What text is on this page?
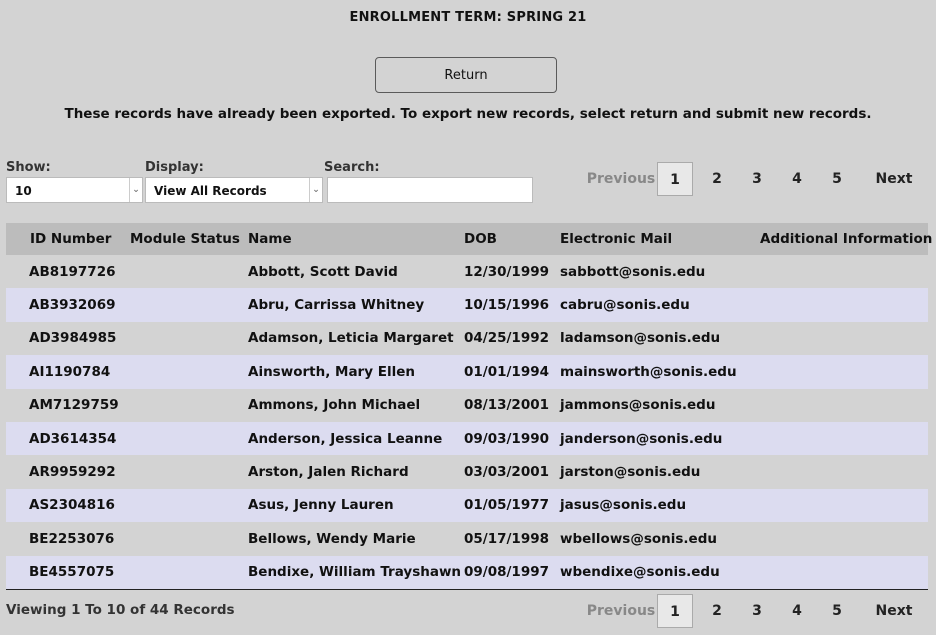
ENROLLMENT TERM: SPRING 21
Return
These records have already been exported. To export new records, select return and submit new records.
Show:	Display:	Search:
10	⌄	View All Records	⌄
Previous	1	2	3	4	5	Next
ID Number	Module Status	Name	DOB	Electronic Mail	Additional Information
AB8197726		Abbott, Scott David	12/30/1999	sabbott@sonis.edu	
AB3932069		Abru, Carrissa Whitney	10/15/1996	cabru@sonis.edu	
AD3984985		Adamson, Leticia Margaret	04/25/1992	ladamson@sonis.edu	
AI1190784		Ainsworth, Mary Ellen	01/01/1994	mainsworth@sonis.edu	
AM7129759		Ammons, John Michael	08/13/2001	jammons@sonis.edu	
AD3614354		Anderson, Jessica Leanne	09/03/1990	janderson@sonis.edu	
AR9959292		Arston, Jalen Richard	03/03/2001	jarston@sonis.edu	
AS2304816		Asus, Jenny Lauren	01/05/1977	jasus@sonis.edu	
BE2253076		Bellows, Wendy Marie	05/17/1998	wbellows@sonis.edu	
BE4557075		Bendixe, William Trayshawn	09/08/1997	wbendixe@sonis.edu	
Viewing 1 To 10 of 44 Records	Previous	1	2	3	4	5	Next
